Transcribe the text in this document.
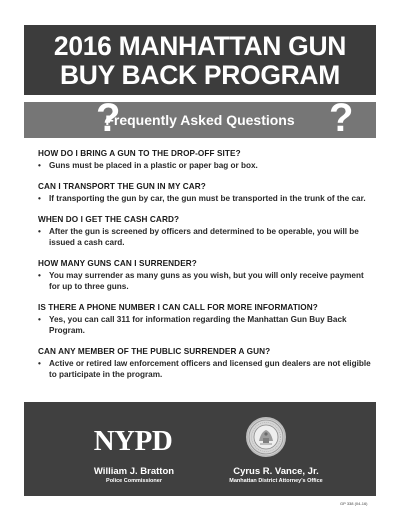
2016 MANHATTAN GUN
BUY BACK PROGRAM
?
Frequently Asked Questions ?
HOW DO I BRING A GUN TO THE DROP-OFF SITE?
• Guns must be placed in a plastic or paper bag or box.
CAN I TRANSPORT THE GUN IN MY CAR?
• If transporting the gun by car, the gun must be transported in the trunk of the car.
WHEN DO I GET THE CASH CARD?
• After the gun is screened by officers and determined to be operable, you will be issued a cash card.
HOW MANY GUNS CAN I SURRENDER?
• You may surrender as many guns as you wish, but you will only receive payment for up to three guns.
IS THERE A PHONE NUMBER I CAN CALL FOR MORE INFORMATION?
• Yes, you can call 311 for information regarding the Manhattan Gun Buy Back Program.
CAN ANY MEMBER OF THE PUBLIC SURRENDER A GUN?
• Active or retired law enforcement officers and licensed gun dealers are not eligible to participate in the program.
NYPD
William J. Bratton
Police Commissioner
Cyrus R. Vance, Jr.
Manhattan District Attorney's Office
GP 338 (04-16)
